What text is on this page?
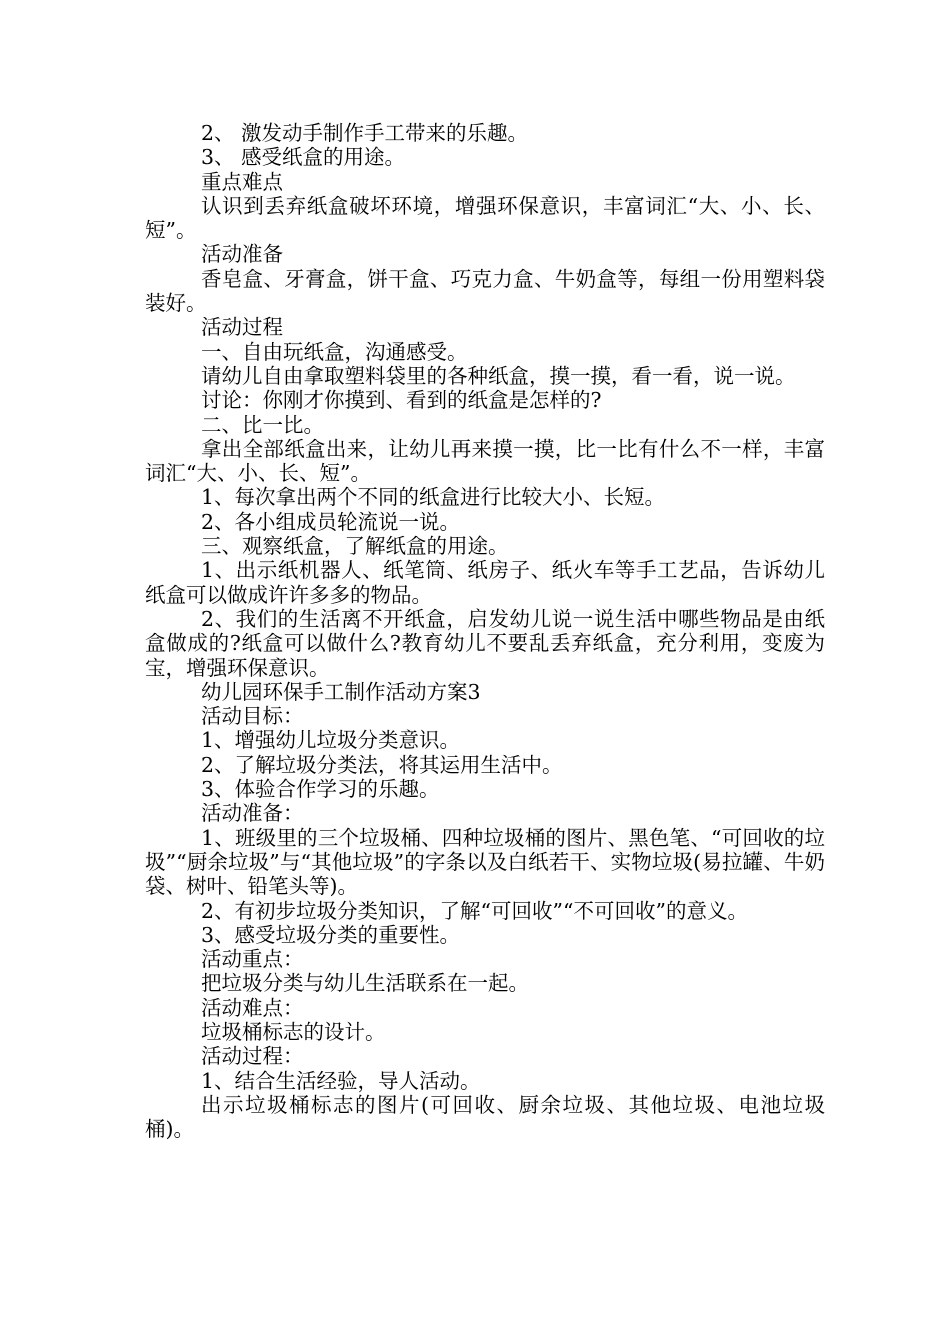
2、 激发动手制作手工带来的乐趣。

3、 感受纸盒的用途。

重点难点

认识到丢弃纸盒破坏环境，增强环保意识，丰富词汇“大、小、长、短”。

活动准备

香皂盒、牙膏盒，饼干盒、巧克力盒、牛奶盒等，每组一份用塑料袋装好。

活动过程

一、自由玩纸盒，沟通感受。

请幼儿自由拿取塑料袋里的各种纸盒，摸一摸，看一看，说一说。

讨论：你刚才你摸到、看到的纸盒是怎样的?

二、比一比。

拿出全部纸盒出来，让幼儿再来摸一摸，比一比有什么不一样，丰富词汇“大、小、长、短”。

1、每次拿出两个不同的纸盒进行比较大小、长短。

2、各小组成员轮流说一说。

三、观察纸盒，了解纸盒的用途。

1、出示纸机器人、纸笔筒、纸房子、纸火车等手工艺品，告诉幼儿纸盒可以做成许许多多的物品。

2、我们的生活离不开纸盒，启发幼儿说一说生活中哪些物品是由纸盒做成的?纸盒可以做什么?教育幼儿不要乱丢弃纸盒，充分利用，变废为宝，增强环保意识。

幼儿园环保手工制作活动方案3

活动目标：

1、增强幼儿垃圾分类意识。

2、了解垃圾分类法，将其运用生活中。

3、体验合作学习的乐趣。

活动准备：

1、班级里的三个垃圾桶、四种垃圾桶的图片、黑色笔、“可回收的垃圾”“厨余垃圾”与“其他垃圾”的字条以及白纸若干、实物垃圾(易拉罐、牛奶袋、树叶、铅笔头等)。

2、有初步垃圾分类知识，了解“可回收”“不可回收”的意义。

3、感受垃圾分类的重要性。

活动重点：

把垃圾分类与幼儿生活联系在一起。

活动难点：

垃圾桶标志的设计。

活动过程：

1、结合生活经验，导人活动。

出示垃圾桶标志的图片(可回收、厨余垃圾、其他垃圾、电池垃圾桶)。
